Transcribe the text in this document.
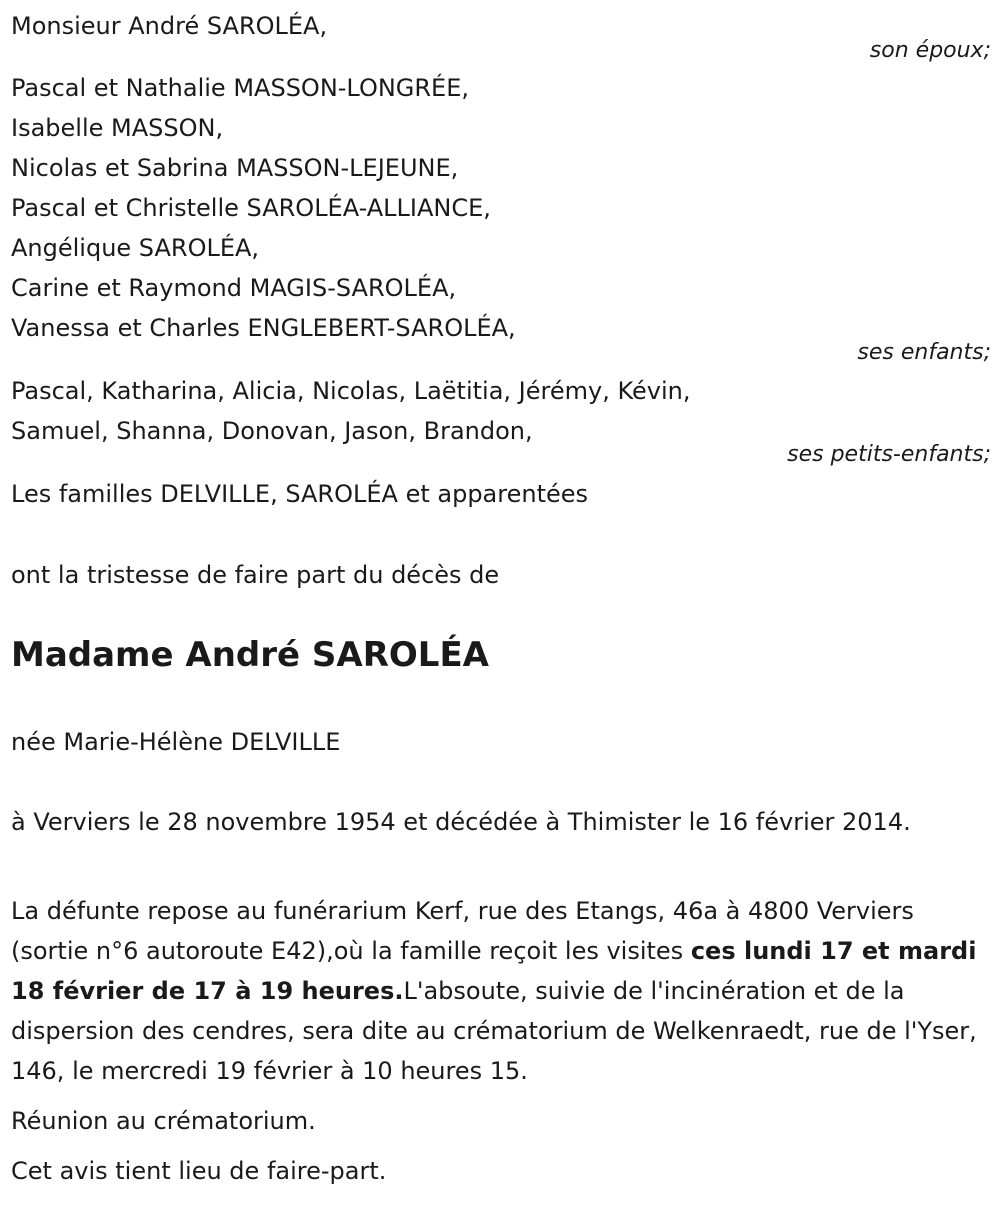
Monsieur André SAROLÉA,
son époux;
Pascal et Nathalie MASSON-LONGRÉE,
Isabelle MASSON,
Nicolas et Sabrina MASSON-LEJEUNE,
Pascal et Christelle SAROLÉA-ALLIANCE,
Angélique SAROLÉA,
Carine et Raymond MAGIS-SAROLÉA,
Vanessa et Charles ENGLEBERT-SAROLÉA,
ses enfants;
Pascal, Katharina, Alicia, Nicolas, Laëtitia, Jérémy, Kévin,
Samuel, Shanna, Donovan, Jason, Brandon,
ses petits-enfants;
Les familles DELVILLE, SAROLÉA et apparentées
ont la tristesse de faire part du décès de
Madame André SAROLÉA
née Marie-Hélène DELVILLE

à Verviers le 28 novembre 1954 et décédée à Thimister le 16 février 2014.

La défunte repose au funérarium Kerf, rue des Etangs, 46a à 4800 Verviers (sortie n°6 autoroute E42),où la famille reçoit les visites ces lundi 17 et mardi 18 février de 17 à 19 heures.L'absoute, suivie de l'incinération et de la dispersion des cendres, sera dite au crématorium de Welkenraedt, rue de l'Yser, 146, le mercredi 19 février à 10 heures 15.

Réunion au crématorium.
Cet avis tient lieu de faire-part.
